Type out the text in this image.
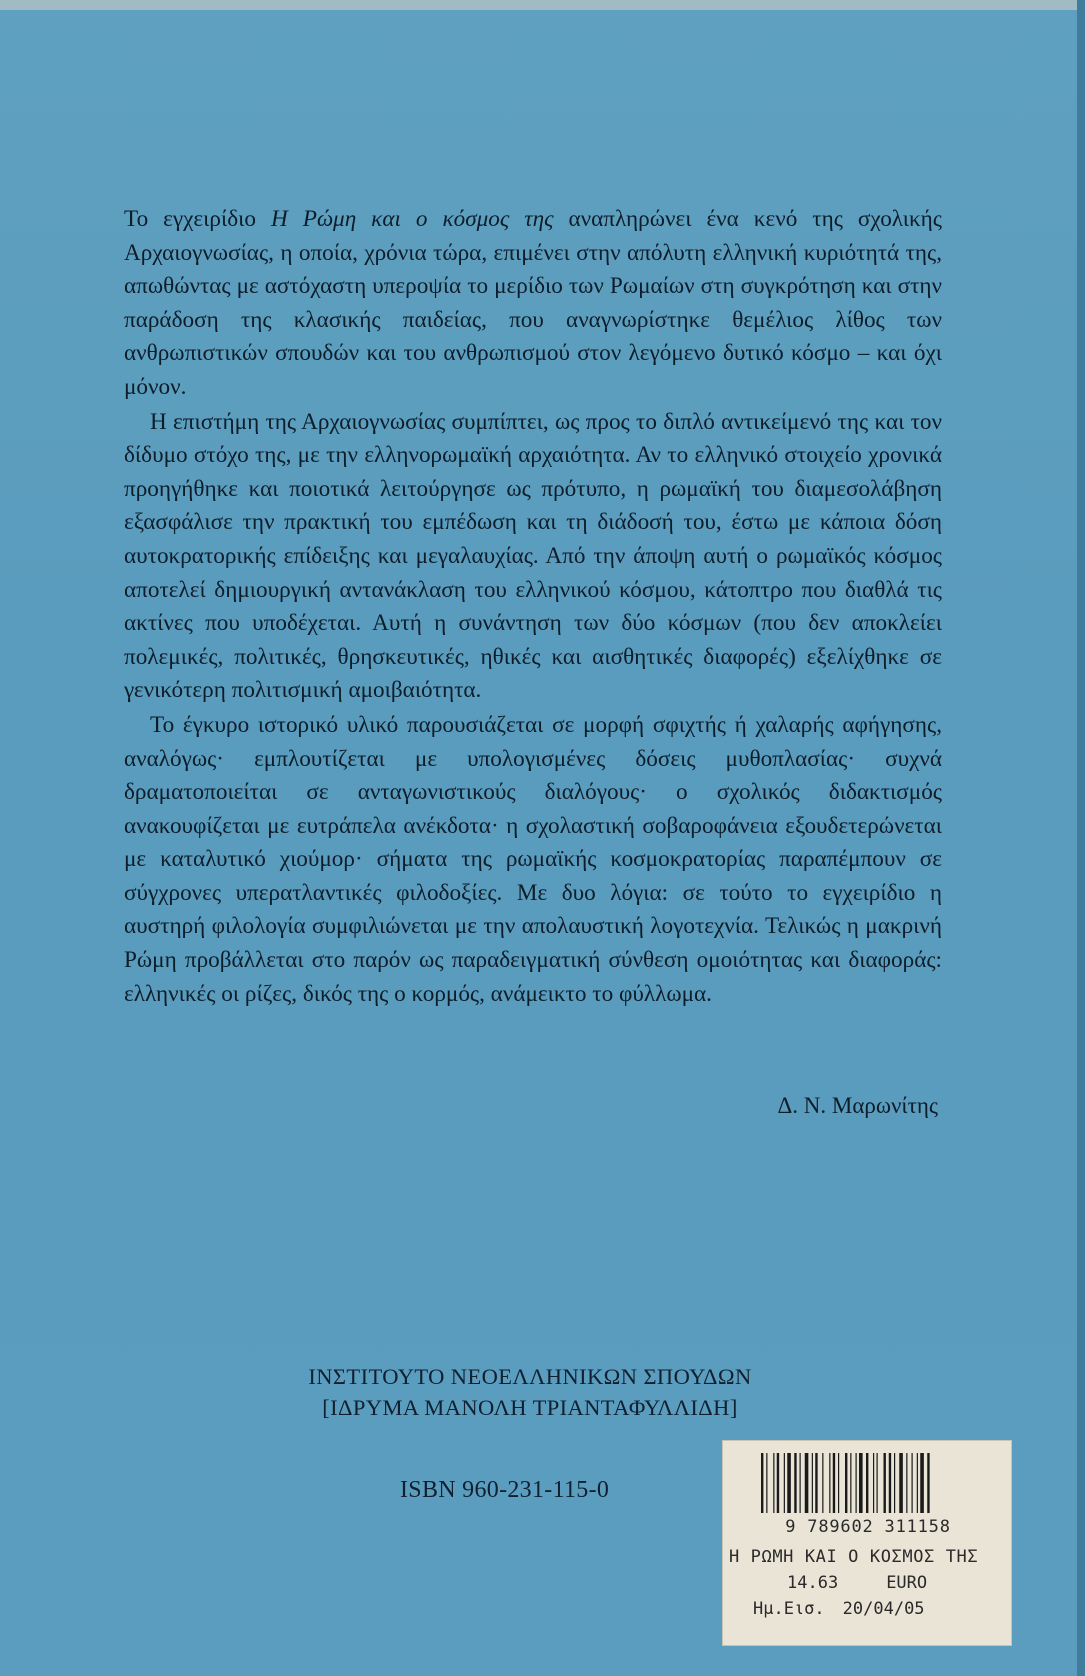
Το εγχειρίδιο Η Ρώμη και ο κόσμος της αναπληρώνει ένα κενό της σχολικής Αρχαιογνωσίας, η οποία, χρόνια τώρα, επιμένει στην απόλυτη ελληνική κυριότητά της, απωθώντας με αστόχαστη υπεροψία το μερίδιο των Ρωμαίων στη συγκρότηση και στην παράδοση της κλασικής παιδείας, που αναγνωρίστηκε θεμέλιος λίθος των ανθρωπιστικών σπουδών και του ανθρωπισμού στον λεγόμενο δυτικό κόσμο – και όχι μόνον.

Η επιστήμη της Αρχαιογνωσίας συμπίπτει, ως προς το διπλό αντικείμενό της και τον δίδυμο στόχο της, με την ελληνορωμαϊκή αρχαιότητα. Αν το ελληνικό στοιχείο χρονικά προηγήθηκε και ποιοτικά λειτούργησε ως πρότυπο, η ρωμαϊκή του διαμεσολάβηση εξασφάλισε την πρακτική του εμπέδωση και τη διάδοσή του, έστω με κάποια δόση αυτοκρατορικής επίδειξης και μεγαλαυχίας. Από την άποψη αυτή ο ρωμαϊκός κόσμος αποτελεί δημιουργική αντανάκλαση του ελληνικού κόσμου, κάτοπτρο που διαθλά τις ακτίνες που υποδέχεται. Αυτή η συνάντηση των δύο κόσμων (που δεν αποκλείει πολεμικές, πολιτικές, θρησκευτικές, ηθικές και αισθητικές διαφορές) εξελίχθηκε σε γενικότερη πολιτισμική αμοιβαιότητα.

Το έγκυρο ιστορικό υλικό παρουσιάζεται σε μορφή σφιχτής ή χαλαρής αφήγησης, αναλόγως· εμπλουτίζεται με υπολογισμένες δόσεις μυθοπλασίας· συχνά δραματοποιείται σε ανταγωνιστικούς διαλόγους· ο σχολικός διδακτισμός ανακουφίζεται με ευτράπελα ανέκδοτα· η σχολαστική σοβαροφάνεια εξουδετερώνεται με καταλυτικό χιούμορ· σήματα της ρωμαϊκής κοσμοκρατορίας παραπέμπουν σε σύγχρονες υπερατλαντικές φιλοδοξίες. Με δυο λόγια: σε τούτο το εγχειρίδιο η αυστηρή φιλολογία συμφιλιώνεται με την απολαυστική λογοτεχνία. Τελικώς η μακρινή Ρώμη προβάλλεται στο παρόν ως παραδειγματική σύνθεση ομοιότητας και διαφοράς: ελληνικές οι ρίζες, δικός της ο κορμός, ανάμεικτο το φύλλωμα.

Δ. Ν. Μαρωνίτης
ΙΝΣΤΙΤΟΥΤΟ ΝΕΟΕΛΛΗΝΙΚΩΝ ΣΠΟΥΔΩΝ
[ΙΔΡΥΜΑ ΜΑΝΟΛΗ ΤΡΙΑΝΤΑΦΥΛΛΙΔΗ]
ISBN 960-231-115-0
9 789602 311158
Η ΡΩΜΗ ΚΑΙ Ο ΚΟΣΜΟΣ ΤΗΣ
14.63	EURO
Ημ.Εισ. 20/04/05
